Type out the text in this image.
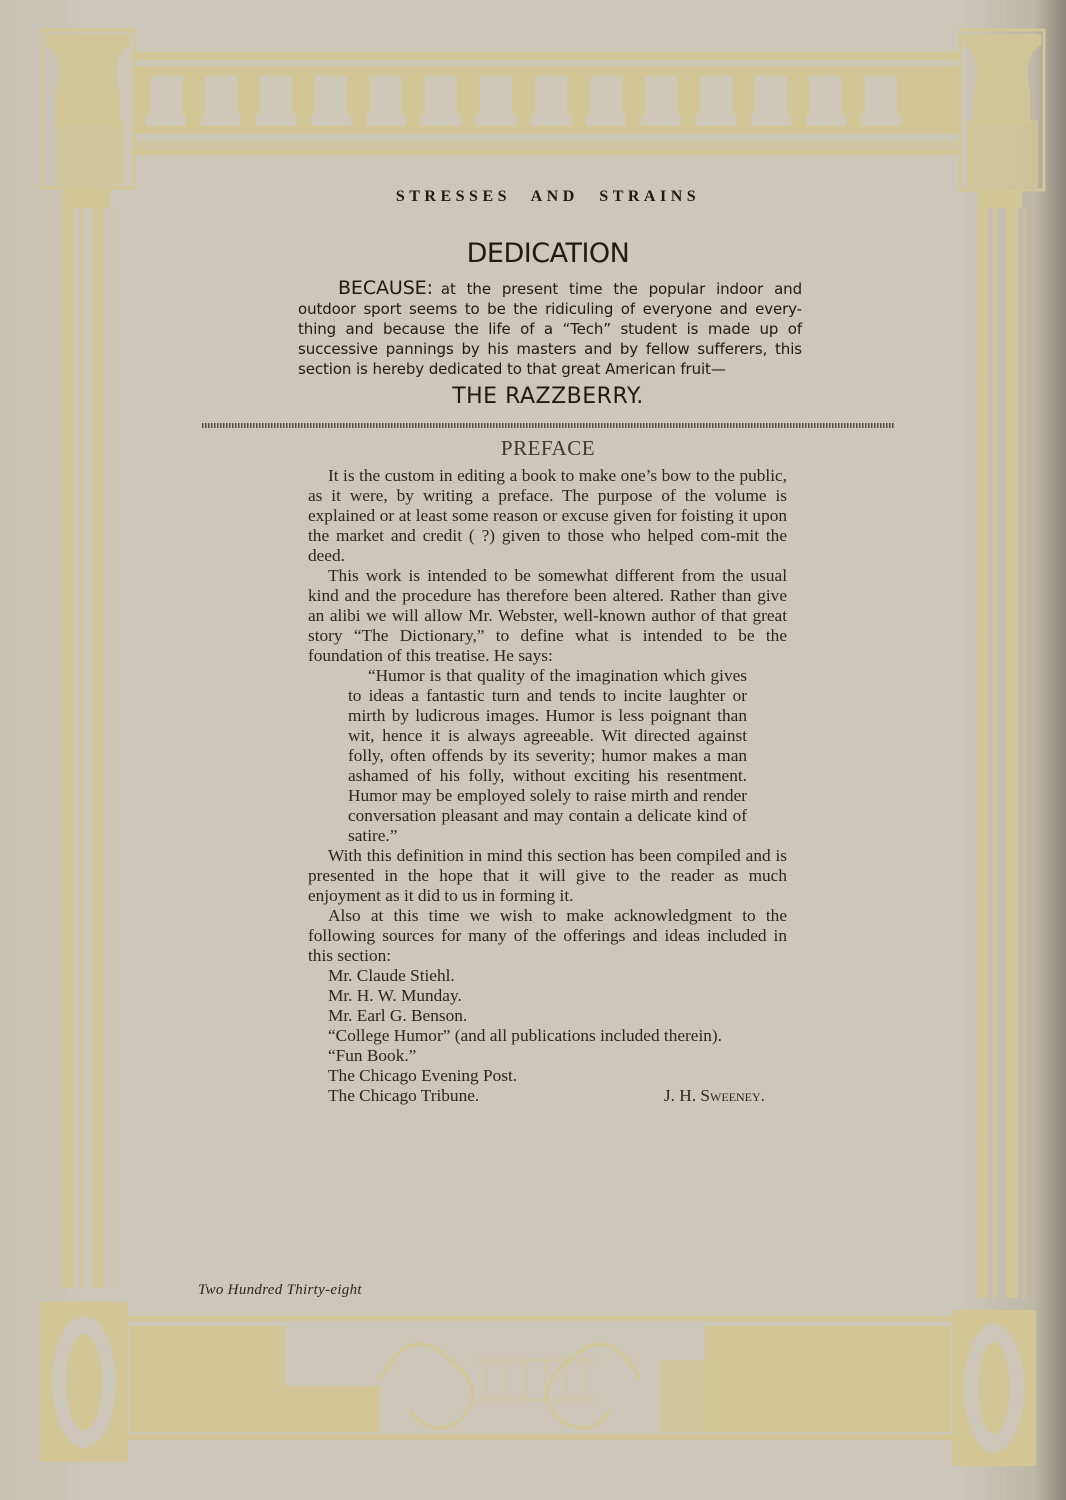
STRESSES AND STRAINS
DEDICATION
BECAUSE: at the present time the popular indoor and outdoor sport seems to be the ridiculing of everyone and every-thing and because the life of a “Tech” student is made up of successive pannings by his masters and by fellow sufferers, this section is hereby dedicated to that great American fruit—
THE RAZZBERRY.
PREFACE

It is the custom in editing a book to make one’s bow to the public, as it were, by writing a preface. The purpose of the volume is explained or at least some reason or excuse given for foisting it upon the market and credit ( ?) given to those who helped com-mit the deed.

This work is intended to be somewhat different from the usual kind and the procedure has therefore been altered. Rather than give an alibi we will allow Mr. Webster, well-known author of that great story “The Dictionary,” to define what is intended to be the foundation of this treatise. He says:

“Humor is that quality of the imagination which gives to ideas a fantastic turn and tends to incite laughter or mirth by ludicrous images. Humor is less poignant than wit, hence it is always agreeable. Wit directed against folly, often offends by its severity; humor makes a man ashamed of his folly, without exciting his resentment. Humor may be employed solely to raise mirth and render conversation pleasant and may contain a delicate kind of satire.”

With this definition in mind this section has been compiled and is presented in the hope that it will give to the reader as much enjoyment as it did to us in forming it.

Also at this time we wish to make acknowledgment to the following sources for many of the offerings and ideas included in this section:

Mr. Claude Stiehl.

Mr. H. W. Munday.

Mr. Earl G. Benson.

“College Humor” (and all publications included therein).

“Fun Book.”

The Chicago Evening Post.

The Chicago Tribune.	J. H. Sweeney.
Two Hundred Thirty-eight
